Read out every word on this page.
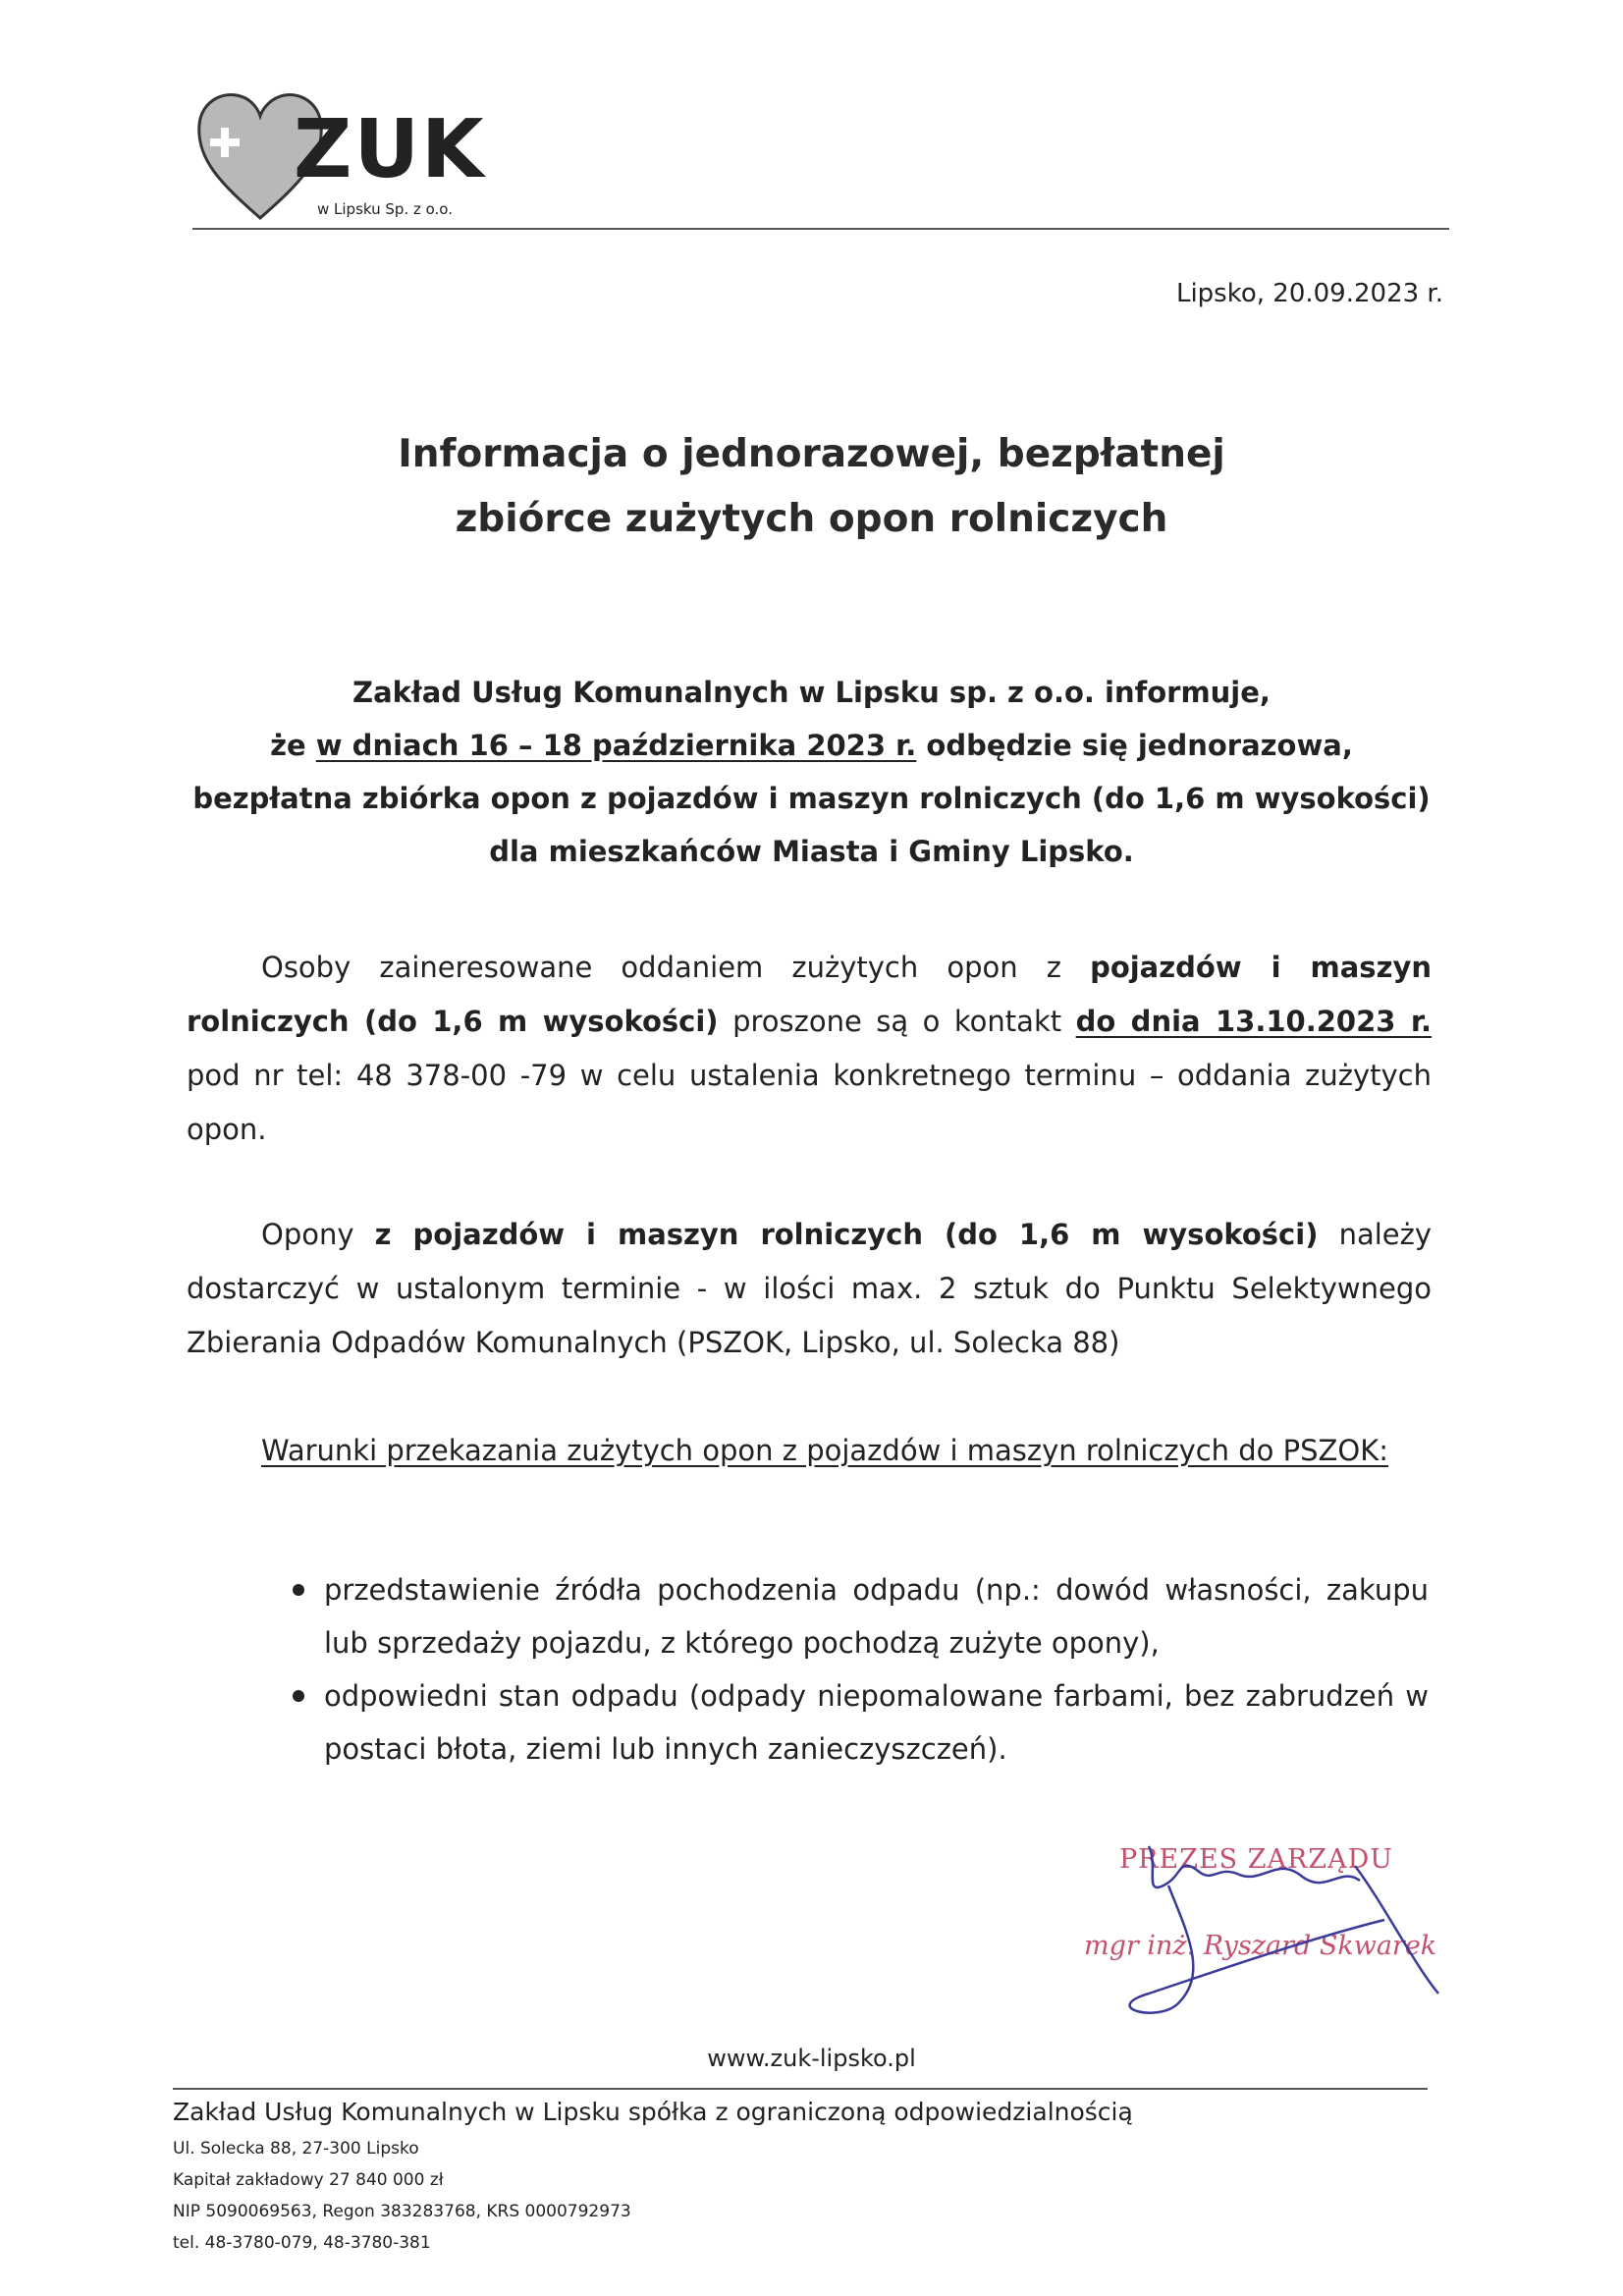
ZUK
w Lipsku Sp. z o.o.
Lipsko, 20.09.2023 r.
Informacja o jednorazowej, bezpłatnej
zbiórce zużytych opon rolniczych
Zakład Usług Komunalnych w Lipsku sp. z o.o. informuje,
że w dniach 16 – 18 października 2023 r. odbędzie się jednorazowa,
bezpłatna zbiórka opon z pojazdów i maszyn rolniczych (do 1,6 m wysokości)
dla mieszkańców Miasta i Gminy Lipsko.
Osoby zaineresowane oddaniem zużytych opon z pojazdów i maszyn rolniczych (do 1,6 m wysokości) proszone są o kontakt do dnia 13.10.2023 r. pod nr tel: 48 378-00 -79 w celu ustalenia konkretnego terminu – oddania zużytych opon.
Opony z pojazdów i maszyn rolniczych (do 1,6 m wysokości) należy dostarczyć w ustalonym terminie - w ilości max. 2 sztuk do Punktu Selektywnego Zbierania Odpadów Komunalnych (PSZOK, Lipsko, ul. Solecka 88)
Warunki przekazania zużytych opon z pojazdów i maszyn rolniczych do PSZOK:
przedstawienie źródła pochodzenia odpadu (np.: dowód własności, zakupu lub sprzedaży pojazdu, z którego pochodzą zużyte opony),
odpowiedni stan odpadu (odpady niepomalowane farbami, bez zabrudzeń w postaci błota, ziemi lub innych zanieczyszczeń).
PREZES ZARZĄDU
mgr inż. Ryszard Skwarek
www.zuk-lipsko.pl
Zakład Usług Komunalnych w Lipsku spółka z ograniczoną odpowiedzialnością
Ul. Solecka 88, 27-300 Lipsko
Kapitał zakładowy 27 840 000 zł
NIP 5090069563, Regon 383283768, KRS 0000792973
tel. 48-3780-079, 48-3780-381
